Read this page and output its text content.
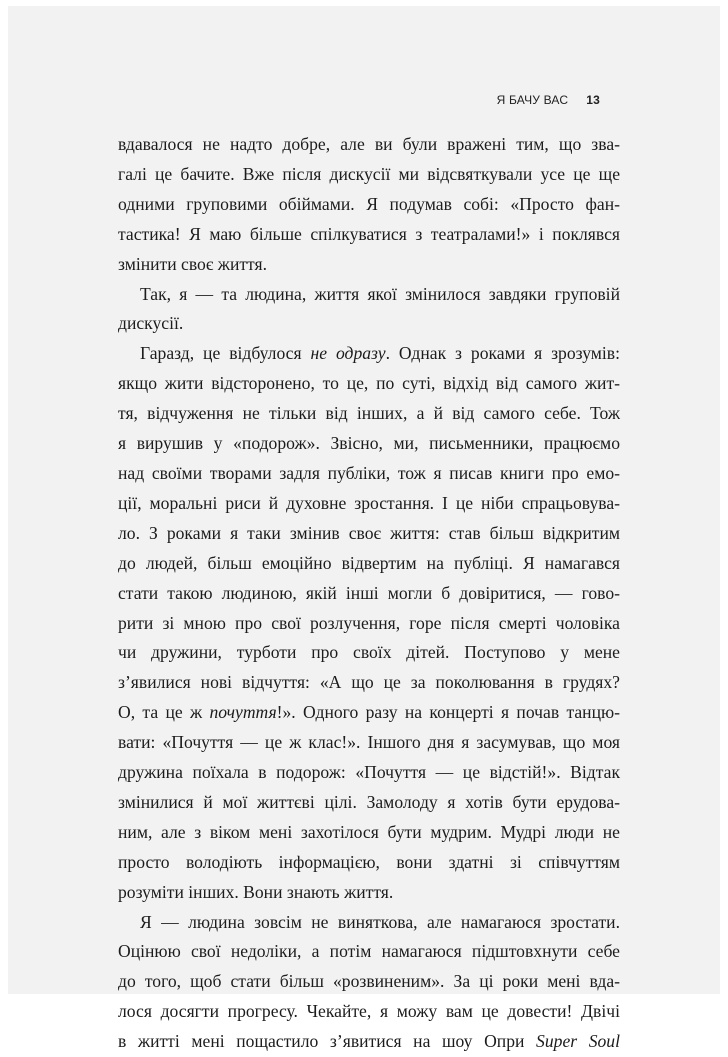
Я БАЧУ ВАС 13
вдавалося не надто добре, але ви були вражені тим, що зва-
галі це бачите. Вже після дискусії ми відсвяткували усе це ще
одними груповими обіймами. Я подумав собі: «Просто фан-
тастика! Я маю більше спілкуватися з театралами!» і поклявся
змінити своє життя.
Так, я — та людина, життя якої змінилося завдяки груповій
дискусії.
Гаразд, це відбулося не одразу. Однак з роками я зрозумів:
якщо жити відсторонено, то це, по суті, відхід від самого жит-
тя, відчуження не тільки від інших, а й від самого себе. Тож
я вирушив у «подорож». Звісно, ми, письменники, працюємо
над своїми творами задля публіки, тож я писав книги про емо-
ції, моральні риси й духовне зростання. І це ніби спрацьовува-
ло. З роками я таки змінив своє життя: став більш відкритим
до людей, більш емоційно відвертим на публіці. Я намагався
стати такою людиною, якій інші могли б довіритися, — гово-
рити зі мною про свої розлучення, горе після смерті чоловіка
чи дружини, турботи про своїх дітей. Поступово у мене
з’явилися нові відчуття: «А що це за поколювання в грудях?
О, та це ж почуття!». Одного разу на концерті я почав танцю-
вати: «Почуття — це ж клас!». Іншого дня я засумував, що моя
дружина поїхала в подорож: «Почуття — це відстій!». Відтак
змінилися й мої життєві цілі. Замолоду я хотів бути ерудова-
ним, але з віком мені захотілося бути мудрим. Мудрі люди не
просто володіють інформацією, вони здатні зі співчуттям
розуміти інших. Вони знають життя.
Я — людина зовсім не виняткова, але намагаюся зростати.
Оцінюю свої недоліки, а потім намагаюся підштовхнути себе
до того, щоб стати більш «розвиненим». За ці роки мені вда-
лося досягти прогресу. Чекайте, я можу вам це довести! Двічі
в житті мені пощастило з’явитися на шоу Опри Super Soul
